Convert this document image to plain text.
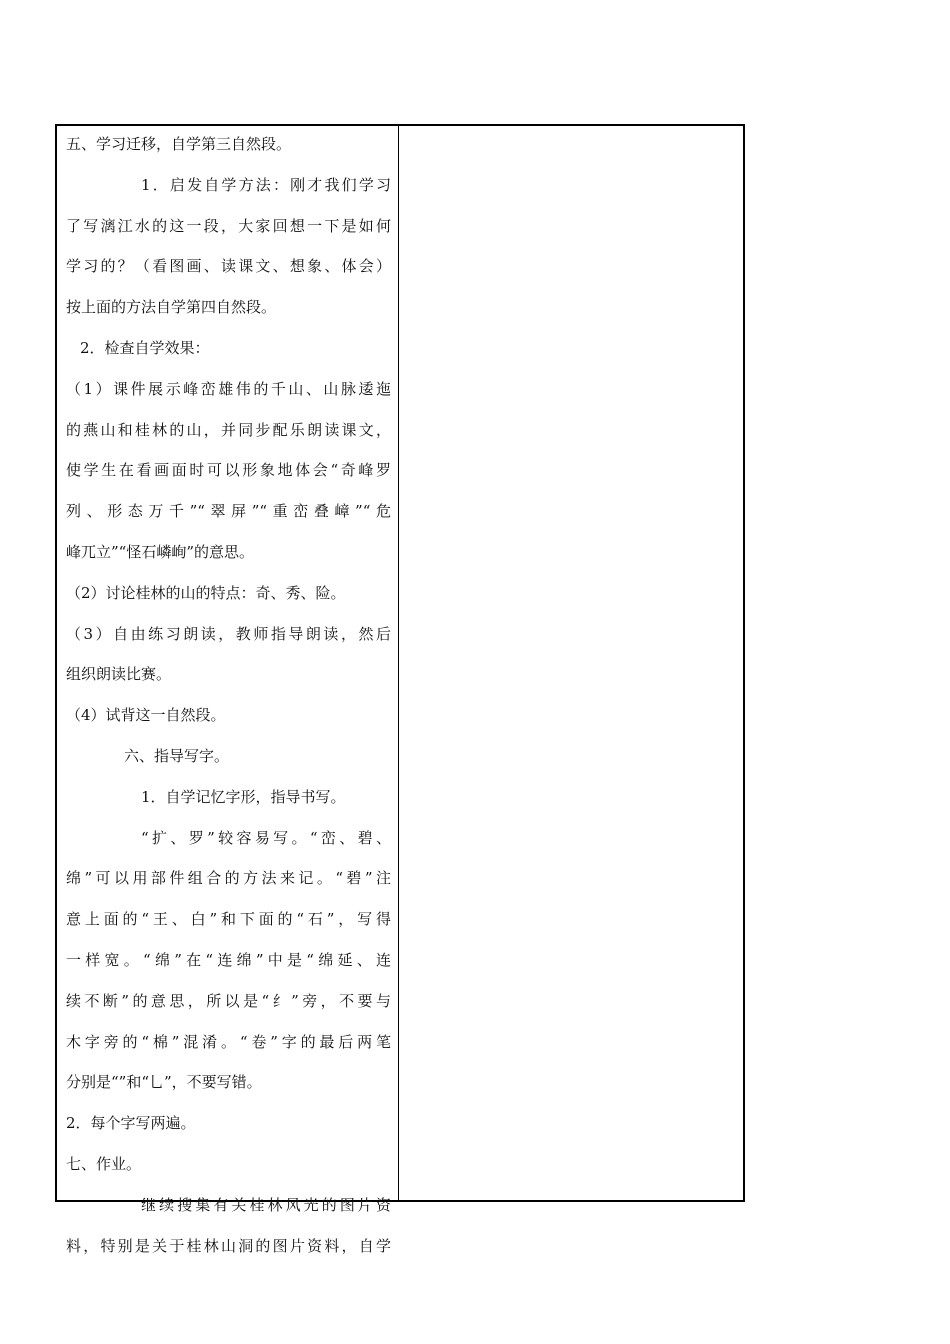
五、学习迁移，自学第三自然段。
1．启发自学方法：刚才我们学习
了写漓江水的这一段，大家回想一下是如何
学习的？（看图画、读课文、想象、体会）
按上面的方法自学第四自然段。
2．检查自学效果：
（1）课件展示峰峦雄伟的千山、山脉逶迤
的燕山和桂林的山，并同步配乐朗读课文，
使学生在看画面时可以形象地体会“奇峰罗
列、形态万千”“翠屏”“重峦叠嶂”“危
峰兀立”“怪石嶙峋”的意思。
（2）讨论桂林的山的特点：奇、秀、险。
（3）自由练习朗读，教师指导朗读，然后
组织朗读比赛。
（4）试背这一自然段。
六、指导写字。
1．自学记忆字形，指导书写。
“扩、罗”较容易写。“峦、碧、
绵”可以用部件组合的方法来记。“碧”注
意上面的“王、白”和下面的“石”，写得
一样宽。“绵”在“连绵”中是“绵延、连
续不断”的意思，所以是“纟”旁，不要与
木字旁的“棉”混淆。“卷”字的最后两笔
分别是“”和“乚”，不要写错。
2．每个字写两遍。
七、作业。
继续搜集有关桂林风光的图片资
料，特别是关于桂林山洞的图片资料，自学
